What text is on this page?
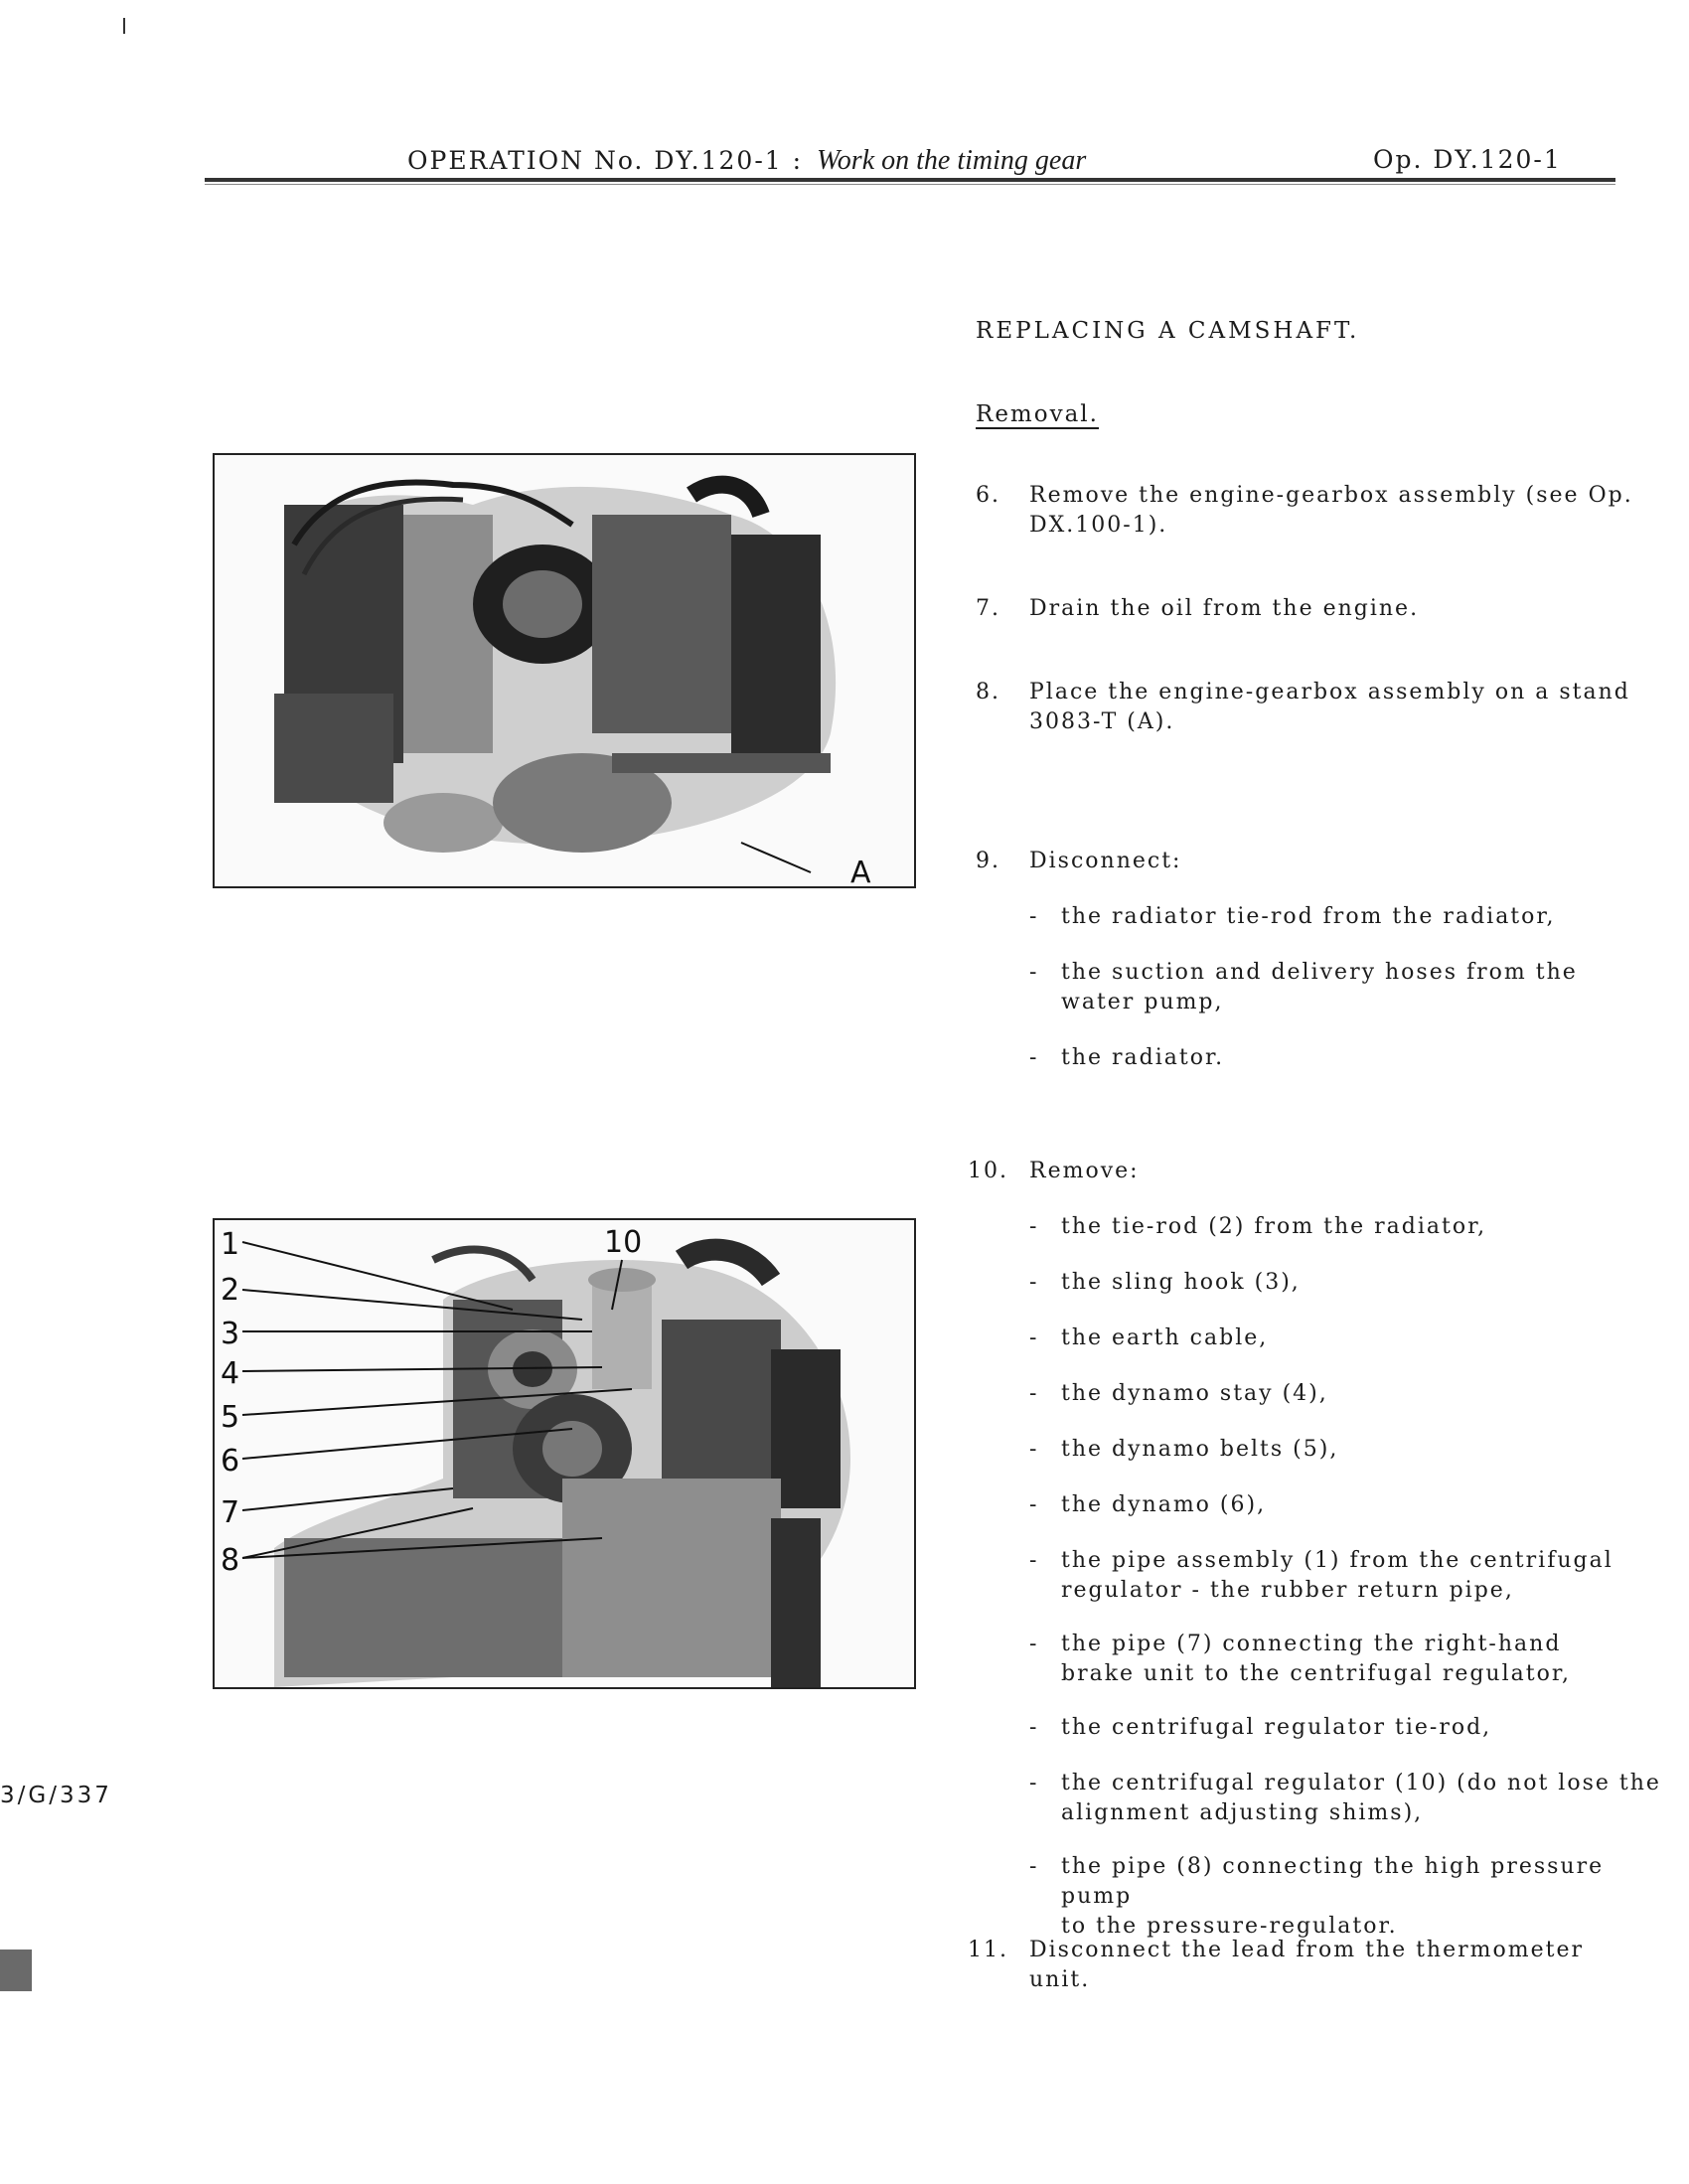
OPERATION No. DY.120-1 : Work on the timing gear	Op. DY.120-1
REPLACING A CAMSHAFT.
Removal.
A
1
2
3
4
5
6
7
8
10
6. Remove the engine-gearbox assembly (see Op.
DX.100-1).
7. Drain the oil from the engine.
8. Place the engine-gearbox assembly on a stand
3083-T (A).
9. Disconnect:
- the radiator tie-rod from the radiator,
- the suction and delivery hoses from the
water pump,
- the radiator.
10. Remove:
- the tie-rod (2) from the radiator,
- the sling hook (3),
- the earth cable,
- the dynamo stay (4),
- the dynamo belts (5),
- the dynamo (6),
- the pipe assembly (1) from the centrifugal
regulator - the rubber return pipe,
- the pipe (7) connecting the right-hand
brake unit to the centrifugal regulator,
- the centrifugal regulator tie-rod,
- the centrifugal regulator (10) (do not lose the
alignment adjusting shims),
- the pipe (8) connecting the high pressure pump
to the pressure-regulator.
11. Disconnect the lead from the thermometer unit.
3/G/337
